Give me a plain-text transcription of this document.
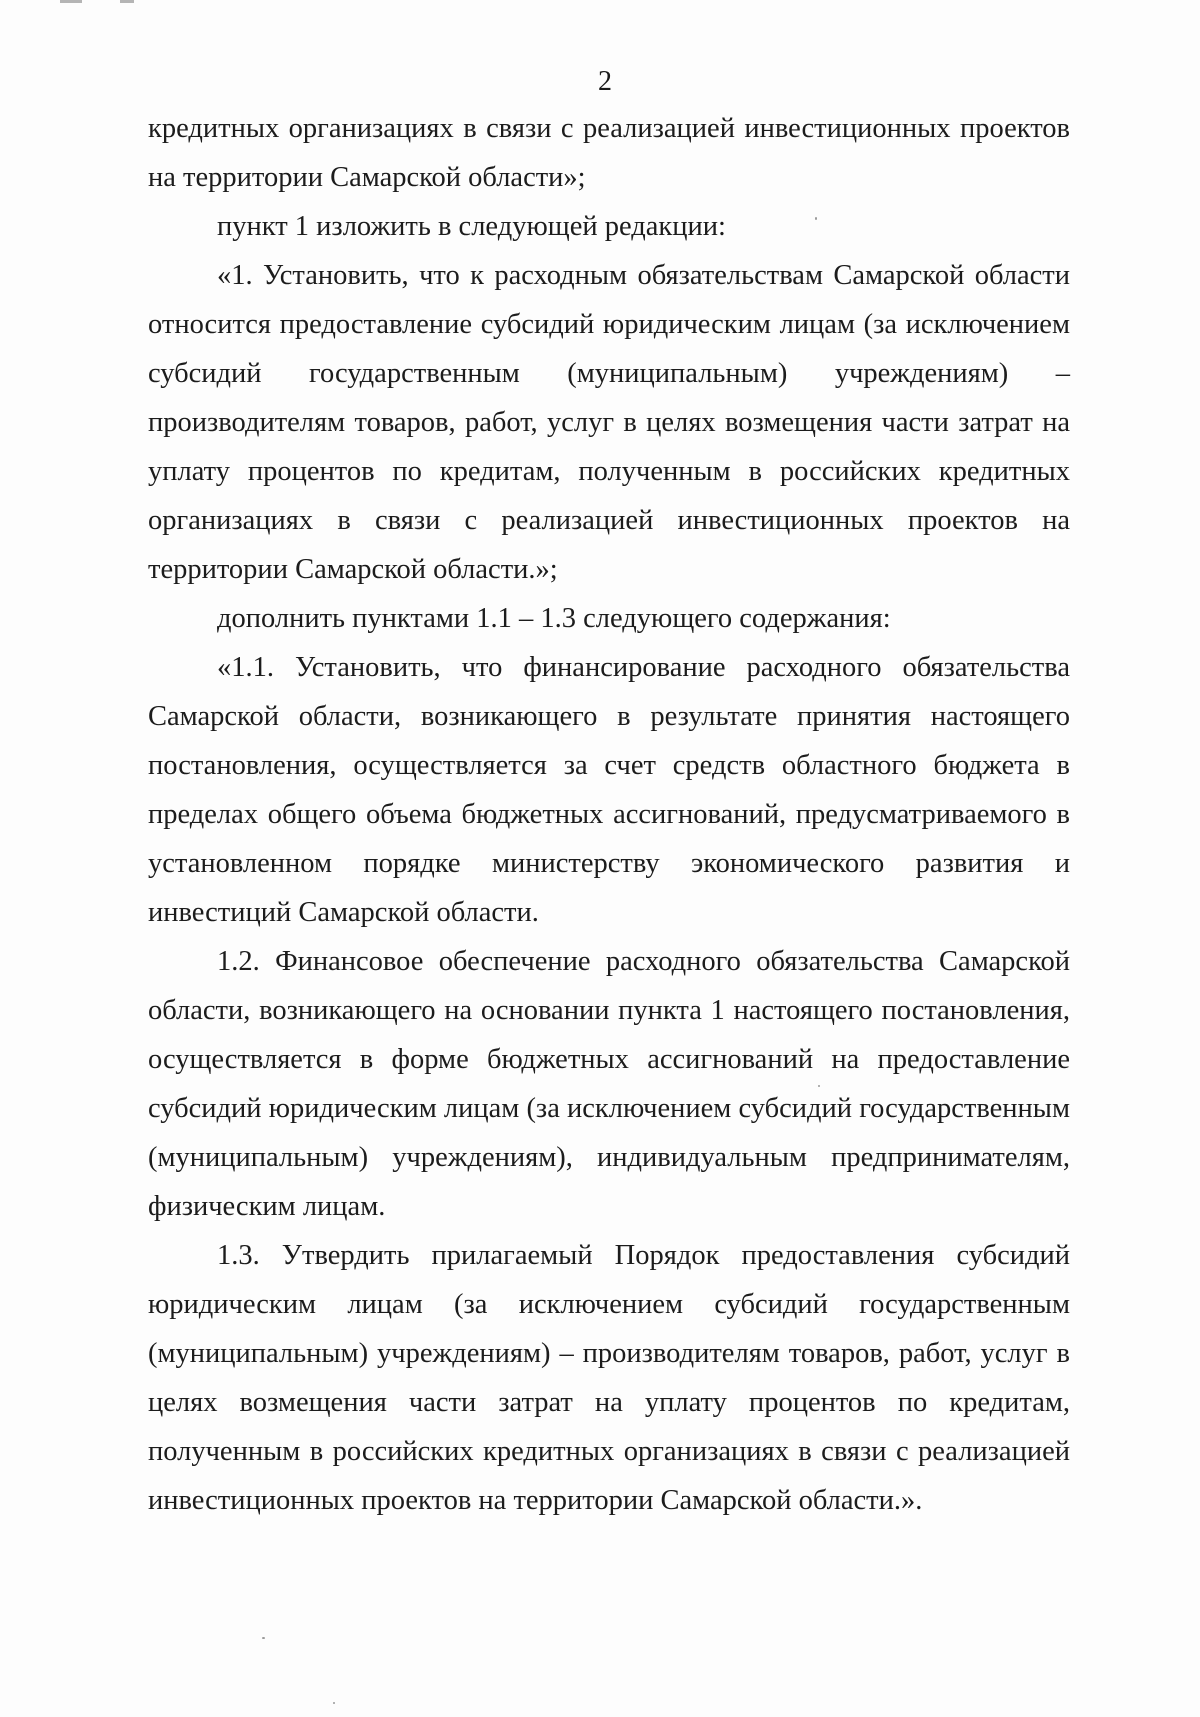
2

кредитных организациях в связи с реализацией инвестиционных проектов на территории Самарской области»;

пункт 1 изложить в следующей редакции:

«1. Установить, что к расходным обязательствам Самарской области относится предоставление субсидий юридическим лицам (за исключением субсидий государственным (муниципальным) учреждениям) – производителям товаров, работ, услуг в целях возмещения части затрат на уплату процентов по кредитам, полученным в российских кредитных организациях в связи с реализацией инвестиционных проектов на территории Самарской области.»;

дополнить пунктами 1.1 – 1.3 следующего содержания:

«1.1. Установить, что финансирование расходного обязательства Самарской области, возникающего в результате принятия настоящего постановления, осуществляется за счет средств областного бюджета в пределах общего объема бюджетных ассигнований, предусматриваемого в установленном порядке министерству экономического развития и инвестиций Самарской области.

1.2. Финансовое обеспечение расходного обязательства Самарской области, возникающего на основании пункта 1 настоящего постановления, осуществляется в форме бюджетных ассигнований на предоставление субсидий юридическим лицам (за исключением субсидий государственным (муниципальным) учреждениям), индивидуальным предпринимателям, физическим лицам.

1.3. Утвердить прилагаемый Порядок предоставления субсидий юридическим лицам (за исключением субсидий государственным (муниципальным) учреждениям) – производителям товаров, работ, услуг в целях возмещения части затрат на уплату процентов по кредитам, полученным в российских кредитных организациях в связи с реализацией инвестиционных проектов на территории Самарской области.».
